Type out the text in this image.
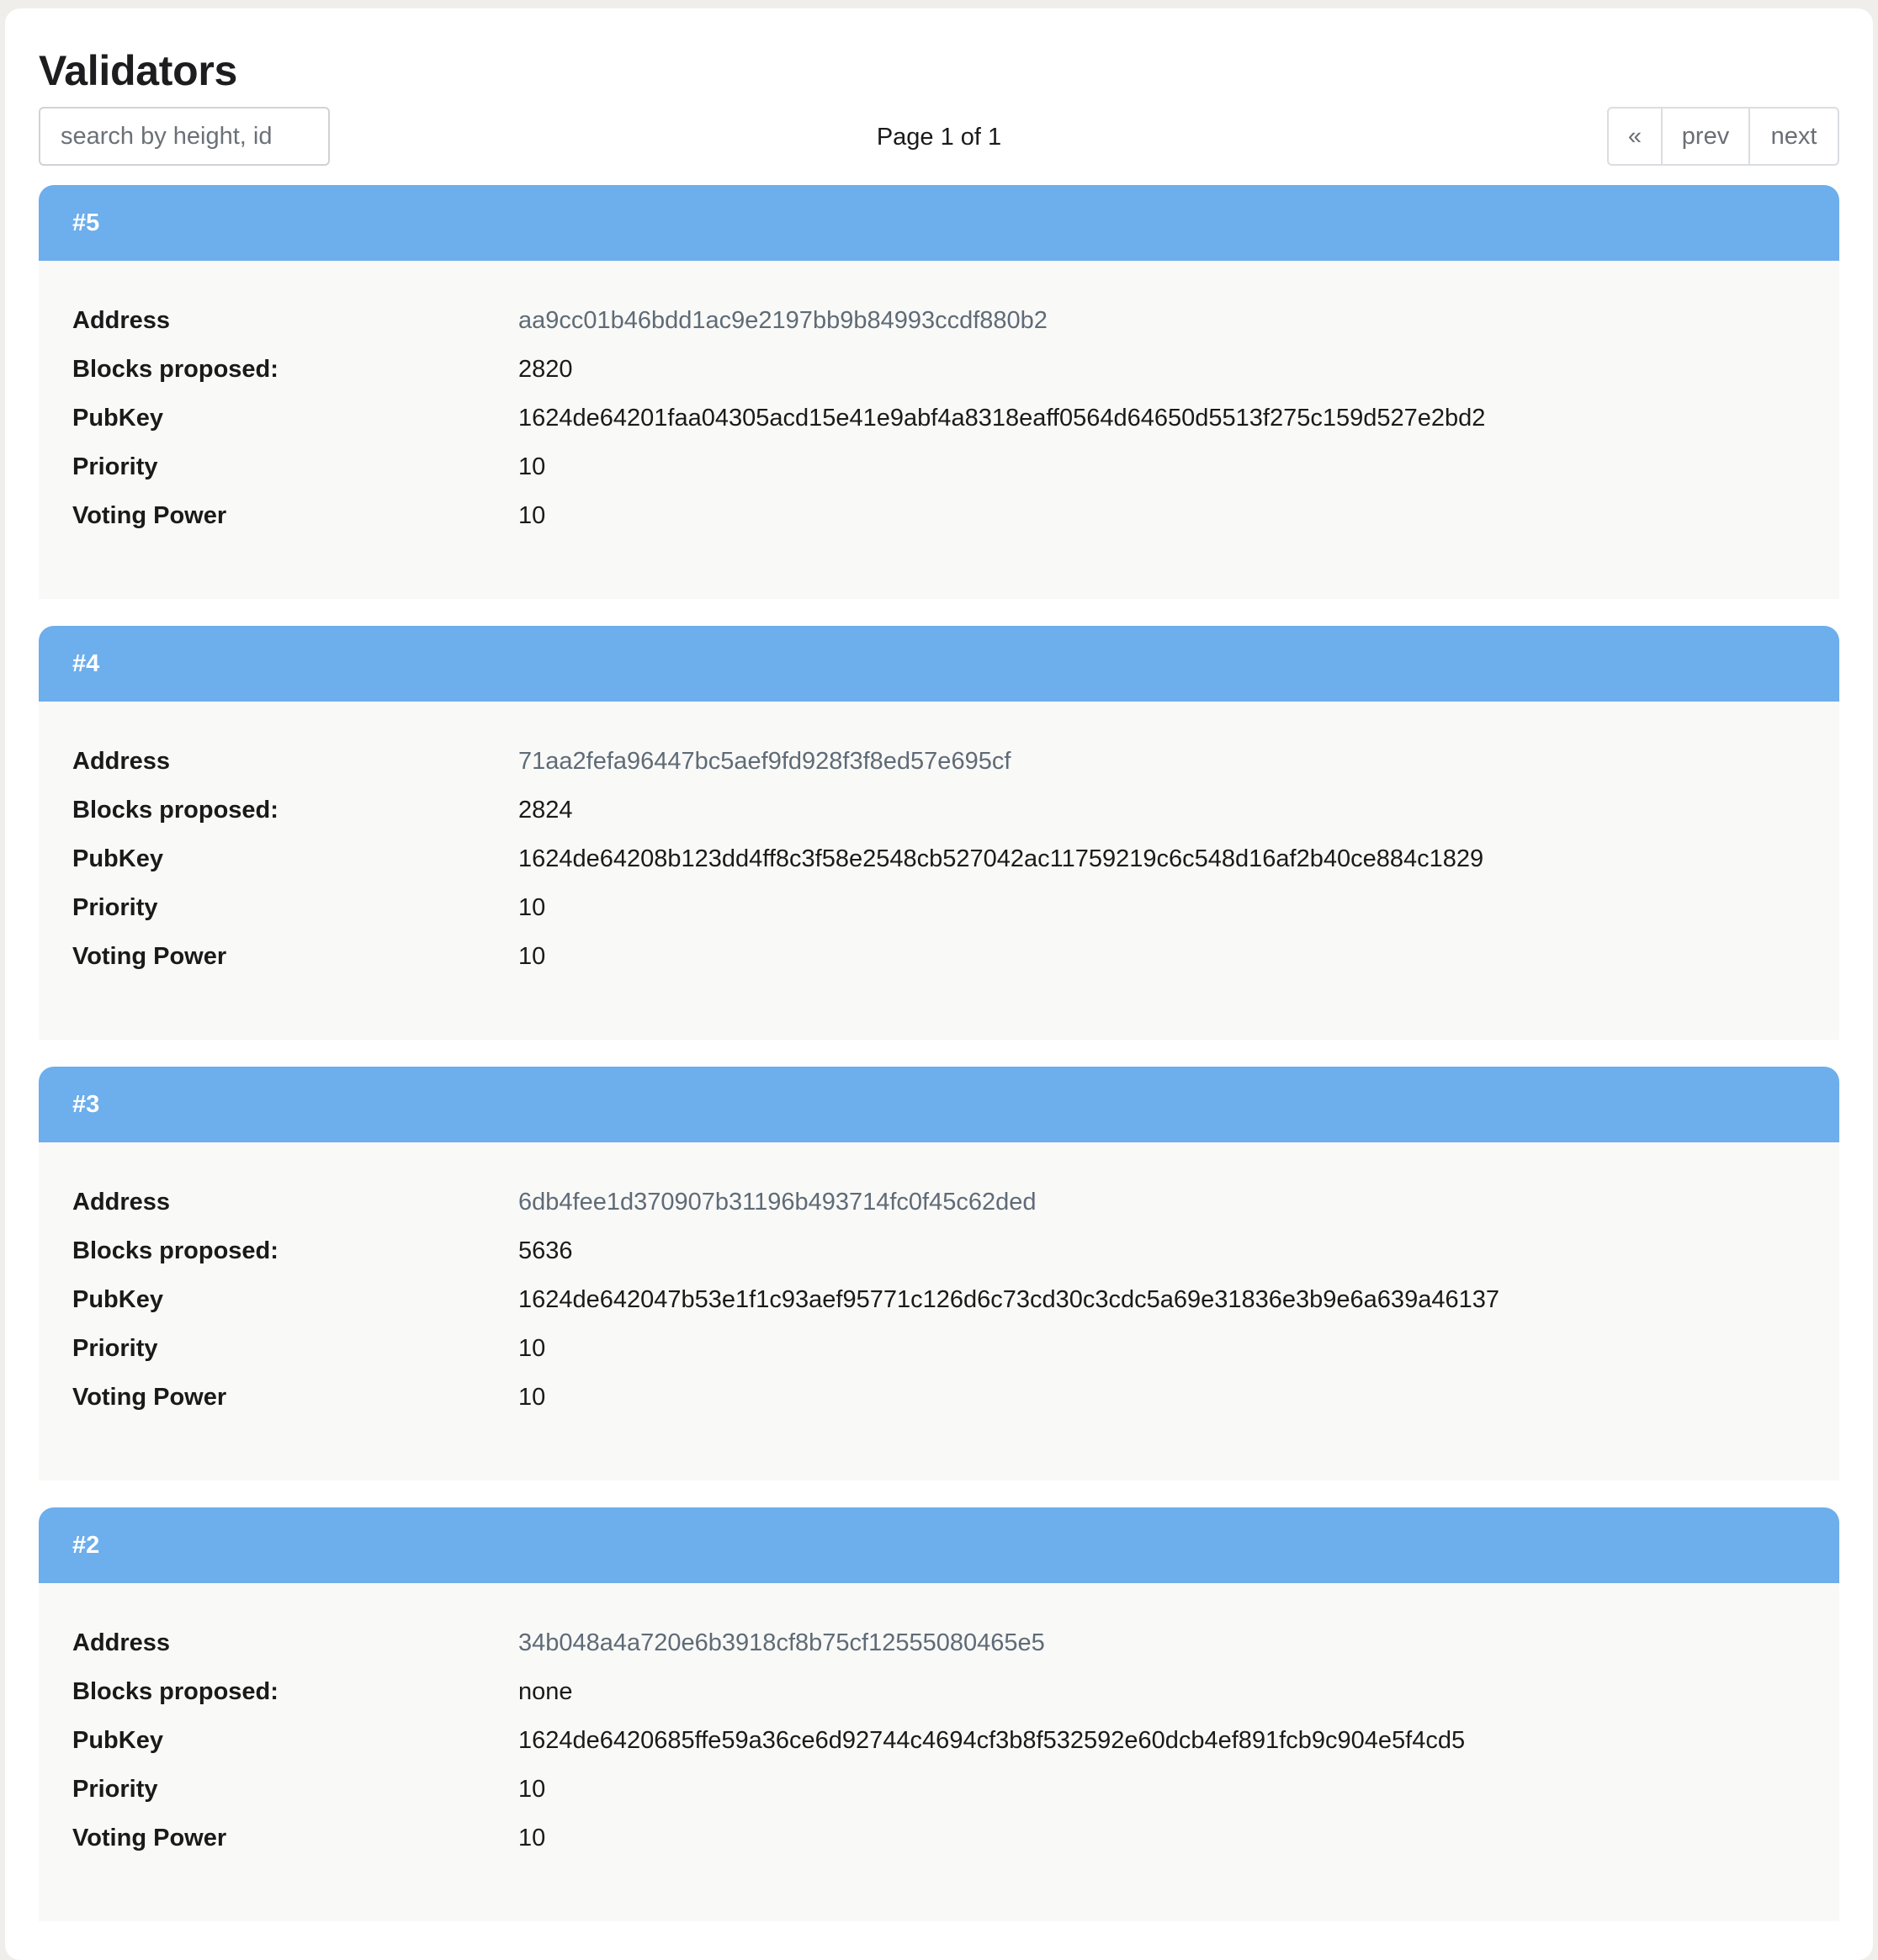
Validators
search by height, id
Page 1 of 1	«	prev	next
#5
Address	aa9cc01b46bdd1ac9e2197bb9b84993ccdf880b2
Blocks proposed:	2820
PubKey	1624de64201faa04305acd15e41e9abf4a8318eaff0564d64650d5513f275c159d527e2bd2
Priority	10
Voting Power	10
#4
Address	71aa2fefa96447bc5aef9fd928f3f8ed57e695cf
Blocks proposed:	2824
PubKey	1624de64208b123dd4ff8c3f58e2548cb527042ac11759219c6c548d16af2b40ce884c1829
Priority	10
Voting Power	10
#3
Address	6db4fee1d370907b31196b493714fc0f45c62ded
Blocks proposed:	5636
PubKey	1624de642047b53e1f1c93aef95771c126d6c73cd30c3cdc5a69e31836e3b9e6a639a46137
Priority	10
Voting Power	10
#2
Address	34b048a4a720e6b3918cf8b75cf12555080465e5
Blocks proposed:	none
PubKey	1624de6420685ffe59a36ce6d92744c4694cf3b8f532592e60dcb4ef891fcb9c904e5f4cd5
Priority	10
Voting Power	10
